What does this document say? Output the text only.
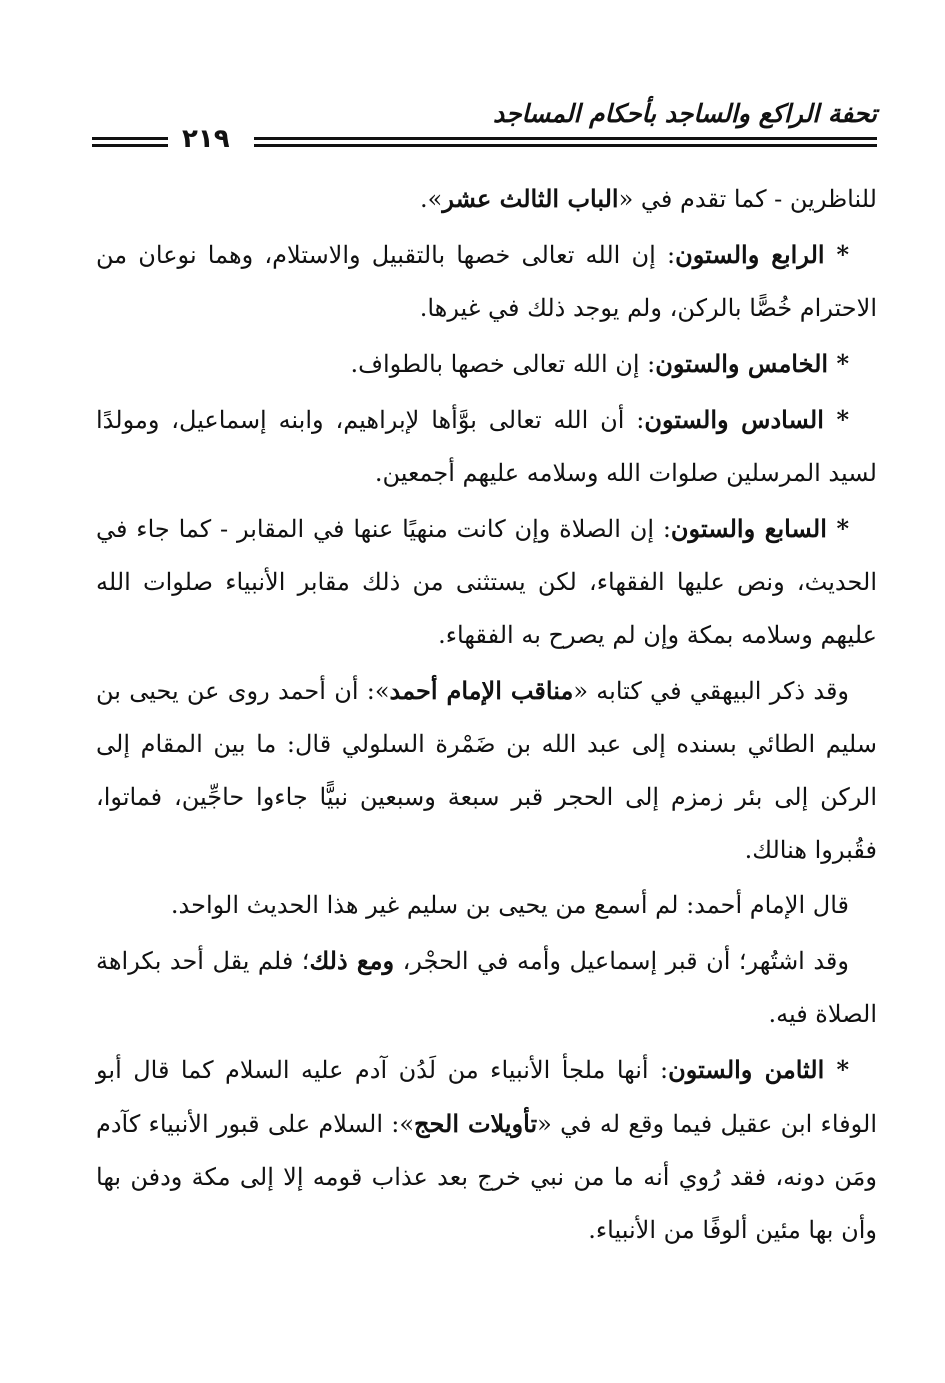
تحفة الراكع والساجد بأحكام المساجد
٢١٩

للناظرين - كما تقدم في «الباب الثالث عشر».

* الرابع والستون: إن الله تعالى خصها بالتقبيل والاستلام، وهما نوعان من الاحترام خُصًّا بالركن، ولم يوجد ذلك في غيرها.

* الخامس والستون: إن الله تعالى خصها بالطواف.

* السادس والستون: أن الله تعالى بوَّأها لإبراهيم، وابنه إسماعيل، ومولدًا لسيد المرسلين صلوات الله وسلامه عليهم أجمعين.

* السابع والستون: إن الصلاة وإن كانت منهيًا عنها في المقابر - كما جاء في الحديث، ونص عليها الفقهاء، لكن يستثنى من ذلك مقابر الأنبياء صلوات الله عليهم وسلامه بمكة وإن لم يصرح به الفقهاء.

وقد ذكر البيهقي في كتابه «مناقب الإمام أحمد»: أن أحمد روى عن يحيى بن سليم الطائي بسنده إلى عبد الله بن ضَمْرة السلولي قال: ما بين المقام إلى الركن إلى بئر زمزم إلى الحجر قبر سبعة وسبعين نبيًّا جاءوا حاجِّين، فماتوا، فقُبروا هنالك.

قال الإمام أحمد: لم أسمع من يحيى بن سليم غير هذا الحديث الواحد.

وقد اشتُهر؛ أن قبر إسماعيل وأمه في الحجْر، ومع ذلك؛ فلم يقل أحد بكراهة الصلاة فيه.

* الثامن والستون: أنها ملجأ الأنبياء من لَدُن آدم عليه السلام كما قال أبو الوفاء ابن عقيل فيما وقع له في «تأويلات الحج»: السلام على قبور الأنبياء كآدم ومَن دونه، فقد رُوي أنه ما من نبي خرج بعد عذاب قومه إلا إلى مكة ودفن بها وأن بها مئين ألوفًا من الأنبياء.
